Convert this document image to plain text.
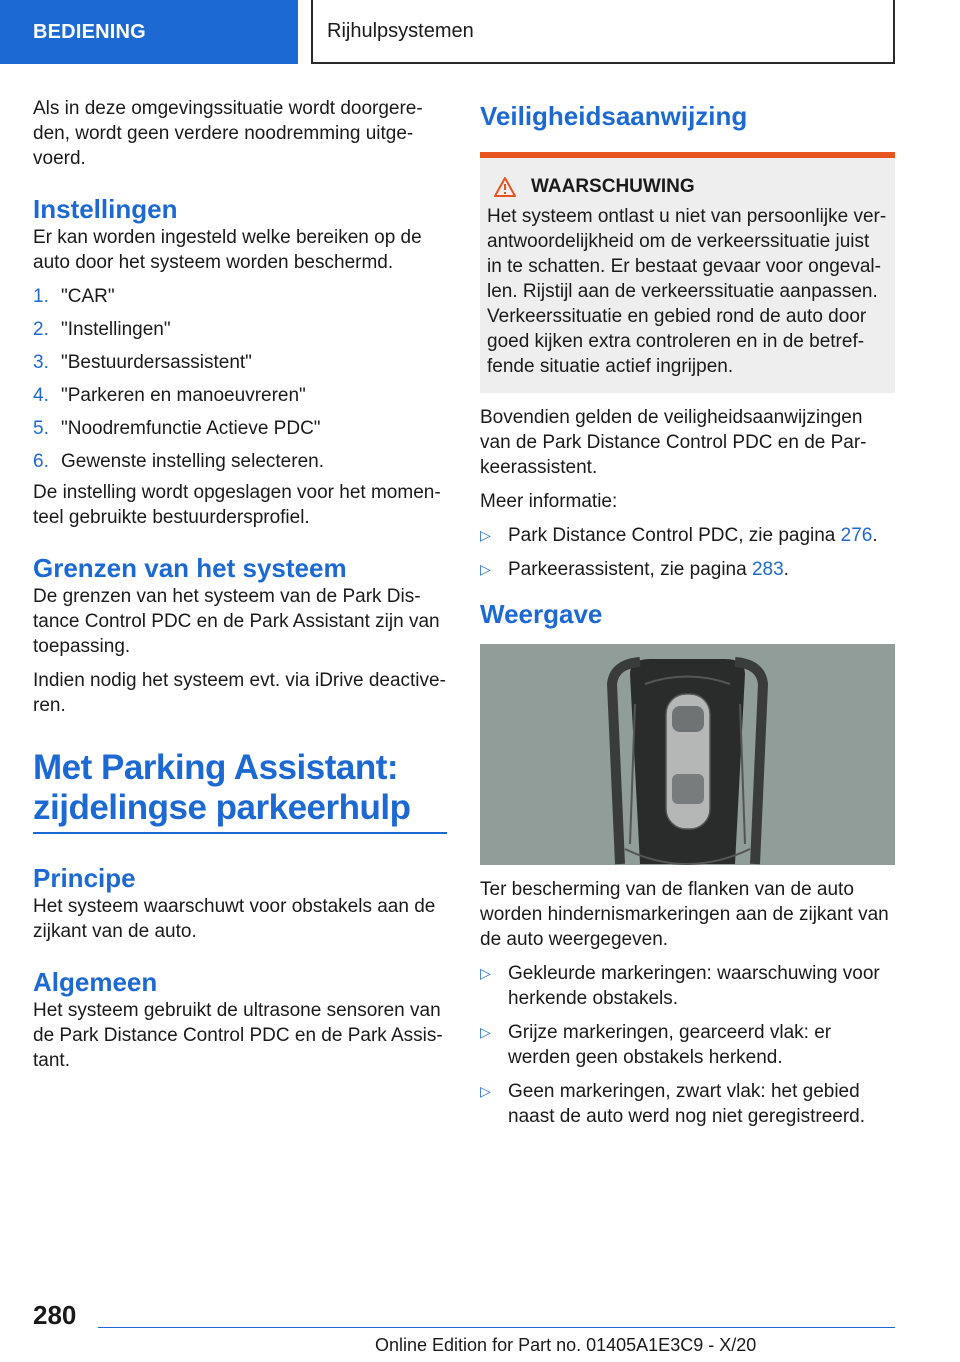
BEDIENING	Rijhulpsystemen

Als in deze omgevingssituatie wordt doorgere-den, wordt geen verdere noodremming uitge-voerd.

Instellingen

Er kan worden ingesteld welke bereiken op de auto door het systeem worden beschermd.

1. "CAR"
2. "Instellingen"
3. "Bestuurdersassistent"
4. "Parkeren en manoeuvreren"
5. "Noodremfunctie Actieve PDC"
6. Gewenste instelling selecteren.

De instelling wordt opgeslagen voor het momen-teel gebruikte bestuurdersprofiel.

Grenzen van het systeem

De grenzen van het systeem van de Park Dis-tance Control PDC en de Park Assistant zijn van toepassing.

Indien nodig het systeem evt. via iDrive deactive-ren.

Met Parking Assistant:
zijdelingse parkeerhulp
Principe

Het systeem waarschuwt voor obstakels aan de zijkant van de auto.

Algemeen

Het systeem gebruikt de ultrasone sensoren van de Park Distance Control PDC en de Park Assis-tant.

Veiligheidsaanwijzing
WAARSCHUWING

Het systeem ontlast u niet van persoonlijke ver-antwoordelijkheid om de verkeerssituatie juist in te schatten. Er bestaat gevaar voor ongeval-len. Rijstijl aan de verkeerssituatie aanpassen. Verkeerssituatie en gebied rond de auto door goed kijken extra controleren en in de betref-fende situatie actief ingrijpen.

Bovendien gelden de veiligheidsaanwijzingen van de Park Distance Control PDC en de Par-keerassistent.

Meer informatie:

▷ Park Distance Control PDC, zie pagina 276.
▷ Parkeerassistent, zie pagina 283.
Weergave

Ter bescherming van de flanken van de auto worden hindernismarkeringen aan de zijkant van de auto weergegeven.

▷ Gekleurde markeringen: waarschuwing voor herkende obstakels.
▷ Grijze markeringen, gearceerd vlak: er werden geen obstakels herkend.
▷ Geen markeringen, zwart vlak: het gebied naast de auto werd nog niet geregistreerd.
280
Online Edition for Part no. 01405A1E3C9 - X/20
